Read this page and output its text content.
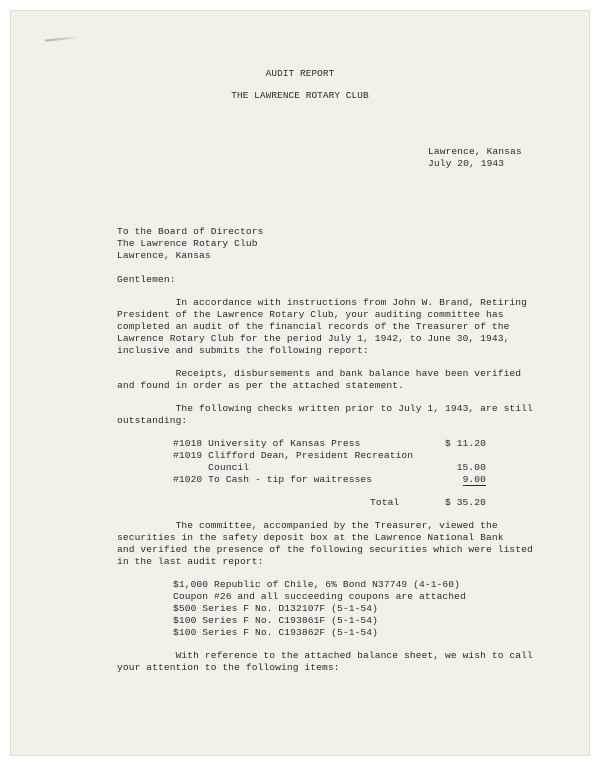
AUDIT REPORT

THE LAWRENCE ROTARY CLUB

Lawrence, Kansas

July 20, 1943

To the Board of Directors

The Lawrence Rotary Club

Lawrence, Kansas

Gentlemen:

In accordance with instructions from John W. Brand, Retiring

President of the Lawrence Rotary Club, your auditing committee has

completed an audit of the financial records of the Treasurer of the

Lawrence Rotary Club for the period July 1, 1942, to June 30, 1943,

inclusive and submits the following report:

Receipts, disbursements and bank balance have been verified

and found in order as per the attached statement.

The following checks written prior to July 1, 1943, are still

outstanding:

#1018 University of Kansas Press	$ 11.20

#1019 Clifford Dean, President Recreation

Council	15.00

#1020 To Cash - tip for waitresses	9.00

Total	$ 35.20

The committee, accompanied by the Treasurer, viewed the

securities in the safety deposit box at the Lawrence National Bank

and verified the presence of the following securities which were listed

in the last audit report:

$1,000 Republic of Chile, 6% Bond N37749 (4-1-60)

Coupon #26 and all succeeding coupons are attached

$500 Series F No. D132107F (5-1-54)

$100 Series F No. C193861F (5-1-54)

$100 Series F No. C193862F (5-1-54)

With reference to the attached balance sheet, we wish to call

your attention to the following items:
